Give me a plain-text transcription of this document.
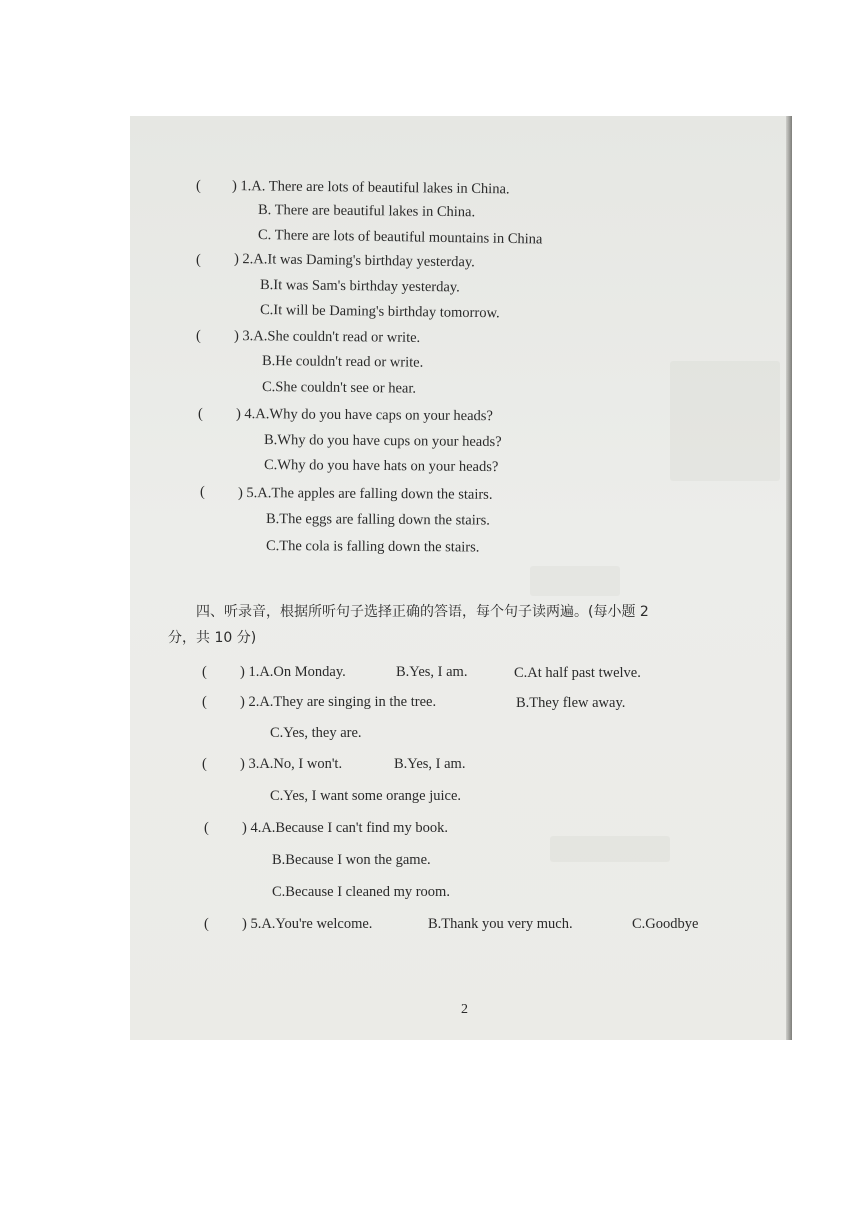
( ) 1.A. There are lots of beautiful lakes in China.
B. There are beautiful lakes in China.
C. There are lots of beautiful mountains in China
( ) 2.A.It was Daming's birthday yesterday.
B.It was Sam's birthday yesterday.
C.It will be Daming's birthday tomorrow.
( ) 3.A.She couldn't read or write.
B.He couldn't read or write.
C.She couldn't see or hear.
( ) 4.A.Why do you have caps on your heads?
B.Why do you have cups on your heads?
C.Why do you have hats on your heads?
( ) 5.A.The apples are falling down the stairs.
B.The eggs are falling down the stairs.
C.The cola is falling down the stairs.
四、听录音，根据所听句子选择正确的答语，每个句子读两遍。(每小题 2
分，共 10 分)
( ) 1.A.On Monday.	B.Yes, I am.	C.At half past twelve.
( ) 2.A.They are singing in the tree.	B.They flew away.
C.Yes, they are.
( ) 3.A.No, I won't.	B.Yes, I am.
C.Yes, I want some orange juice.
( ) 4.A.Because I can't find my book.
B.Because I won the game.
C.Because I cleaned my room.
( ) 5.A.You're welcome.	B.Thank you very much.	C.Goodbye
2
